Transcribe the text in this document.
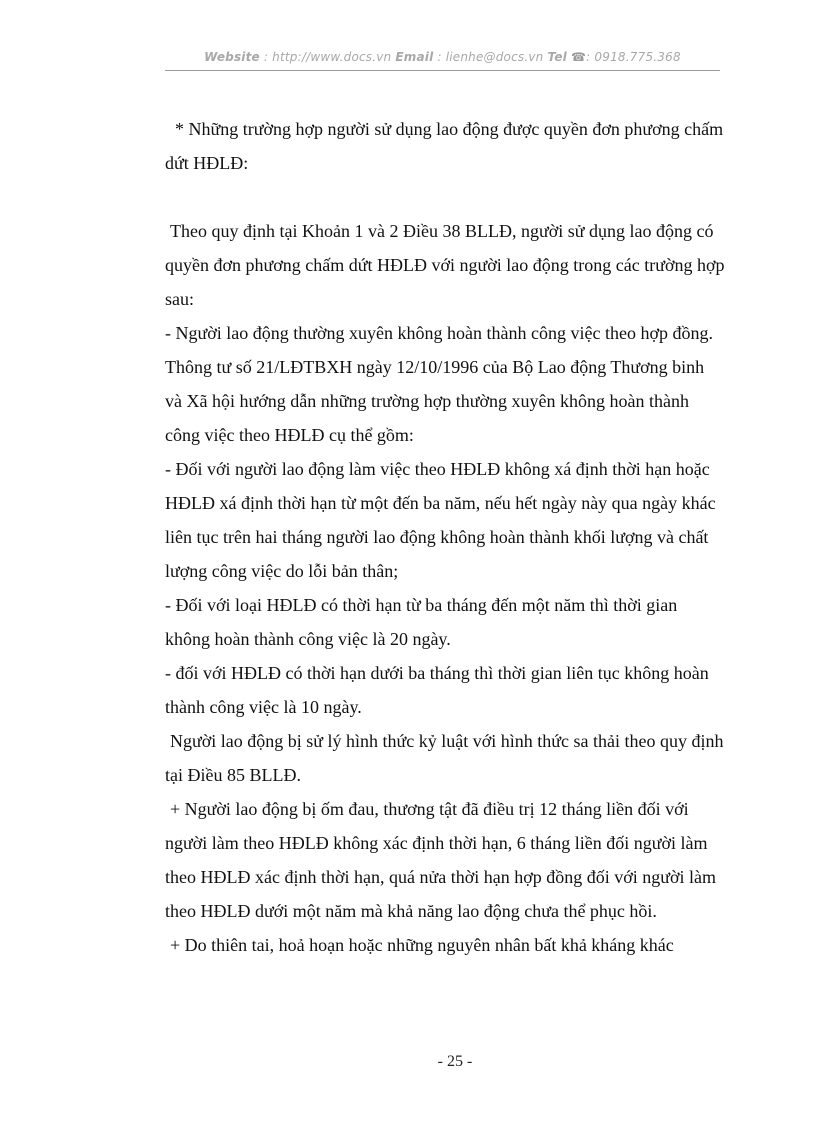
Website : http://www.docs.vn Email : lienhe@docs.vn Tel ☎: 0918.775.368

* Những trường hợp người sử dụng lao động được quyền đơn phương chấm dứt HĐLĐ:

Theo quy định tại Khoản 1 và 2 Điều 38 BLLĐ, người sử dụng lao động có quyền đơn phương chấm dứt HĐLĐ với người lao động trong các trường hợp sau:

- Người lao động thường xuyên không hoàn thành công việc theo hợp đồng. Thông tư số 21/LĐTBXH ngày 12/10/1996 của Bộ Lao động Thương binh và Xã hội hướng dẫn những trường hợp thường xuyên không hoàn thành công việc theo HĐLĐ cụ thể gồm:

- Đối với người lao động làm việc theo HĐLĐ không xá định thời hạn hoặc HĐLĐ xá định thời hạn từ một đến ba năm, nếu hết ngày này qua ngày khác liên tục trên hai tháng người lao động không hoàn thành khối lượng và chất lượng công việc do lỗi bản thân;

- Đối với loại HĐLĐ có thời hạn từ ba tháng đến một năm thì thời gian không hoàn thành công việc là 20 ngày.

- đối với HĐLĐ có thời hạn dưới ba tháng thì thời gian liên tục không hoàn thành công việc là 10 ngày.

Người lao động bị sử lý hình thức kỷ luật với hình thức sa thải theo quy định tại Điều 85 BLLĐ.

+ Người lao động bị ốm đau, thương tật đã điều trị 12 tháng liền đối với người làm theo HĐLĐ không xác định thời hạn, 6 tháng liền đối người làm theo HĐLĐ xác định thời hạn, quá nửa thời hạn hợp đồng đối với người làm theo HĐLĐ dưới một năm mà khả năng lao động chưa thể phục hồi.

+ Do thiên tai, hoả hoạn hoặc những nguyên nhân bất khả kháng khác

- 25 -
